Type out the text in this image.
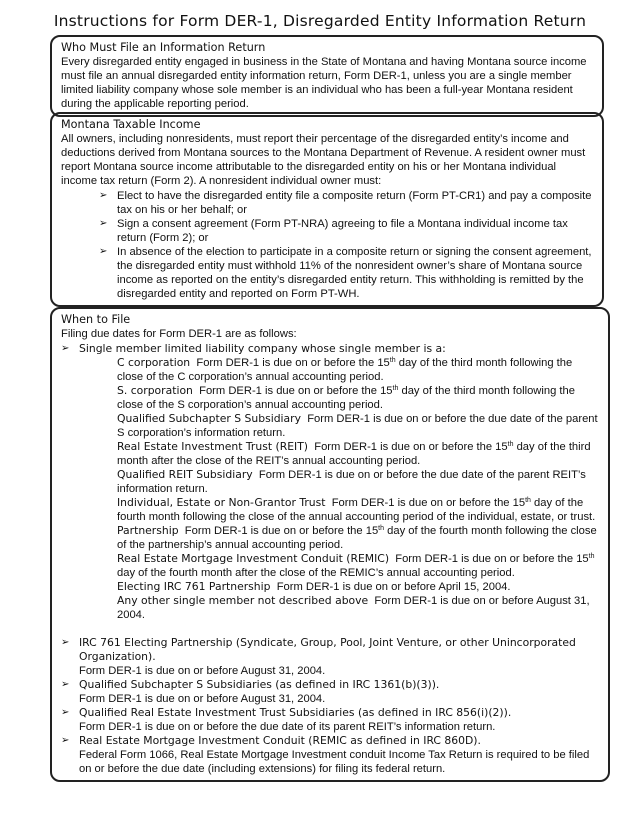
Instructions for Form DER-1, Disregarded Entity Information Return
Who Must File an Information Return

Every disregarded entity engaged in business in the State of Montana and having Montana source income must file an annual disregarded entity information return, Form DER-1, unless you are a single member limited liability company whose sole member is an individual who has been a full-year Montana resident during the applicable reporting period.

Montana Taxable Income

All owners, including nonresidents, must report their percentage of the disregarded entity’s income and deductions derived from Montana sources to the Montana Department of Revenue. A resident owner must report Montana source income attributable to the disregarded entity on his or her Montana individual income tax return (Form 2). A nonresident individual owner must:

➢ Elect to have the disregarded entity file a composite return (Form PT-CR1) and pay a composite tax on his or her behalf; or
➢ Sign a consent agreement (Form PT-NRA) agreeing to file a Montana individual income tax return (Form 2); or
➢ In absence of the election to participate in a composite return or signing the consent agreement, the disregarded entity must withhold 11% of the nonresident owner’s share of Montana source income as reported on the entity’s disregarded entity return. This withholding is remitted by the disregarded entity and reported on Form PT-WH.
When to File

Filing due dates for Form DER-1 are as follows:

➢ Single member limited liability company whose single member is a:
C corporation Form DER-1 is due on or before the 15th day of the third month following the close of the C corporation’s annual accounting period.
S. corporation Form DER-1 is due on or before the 15th day of the third month following the close of the S corporation’s annual accounting period.
Qualified Subchapter S Subsidiary Form DER-1 is due on or before the due date of the parent S corporation’s information return.
Real Estate Investment Trust (REIT) Form DER-1 is due on or before the 15th day of the third month after the close of the REIT’s annual accounting period.
Qualified REIT Subsidiary Form DER-1 is due on or before the due date of the parent REIT’s information return.
Individual, Estate or Non-Grantor Trust Form DER-1 is due on or before the 15th day of the fourth month following the close of the annual accounting period of the individual, estate, or trust.
Partnership Form DER-1 is due on or before the 15th day of the fourth month following the close of the partnership’s annual accounting period.
Real Estate Mortgage Investment Conduit (REMIC) Form DER-1 is due on or before the 15th day of the fourth month after the close of the REMIC’s annual accounting period.
Electing IRC 761 Partnership Form DER-1 is due on or before April 15, 2004.
Any other single member not described above Form DER-1 is due on or before August 31, 2004.
➢ IRC 761 Electing Partnership (Syndicate, Group, Pool, Joint Venture, or other Unincorporated Organization).
Form DER-1 is due on or before August 31, 2004.
➢ Qualified Subchapter S Subsidiaries (as defined in IRC 1361(b)(3)).
Form DER-1 is due on or before August 31, 2004.
➢ Qualified Real Estate Investment Trust Subsidiaries (as defined in IRC 856(i)(2)).
Form DER-1 is due on or before the due date of its parent REIT’s information return.
➢ Real Estate Mortgage Investment Conduit (REMIC as defined in IRC 860D).
Federal Form 1066, Real Estate Mortgage Investment conduit Income Tax Return is required to be filed on or before the due date (including extensions) for filing its federal return.
